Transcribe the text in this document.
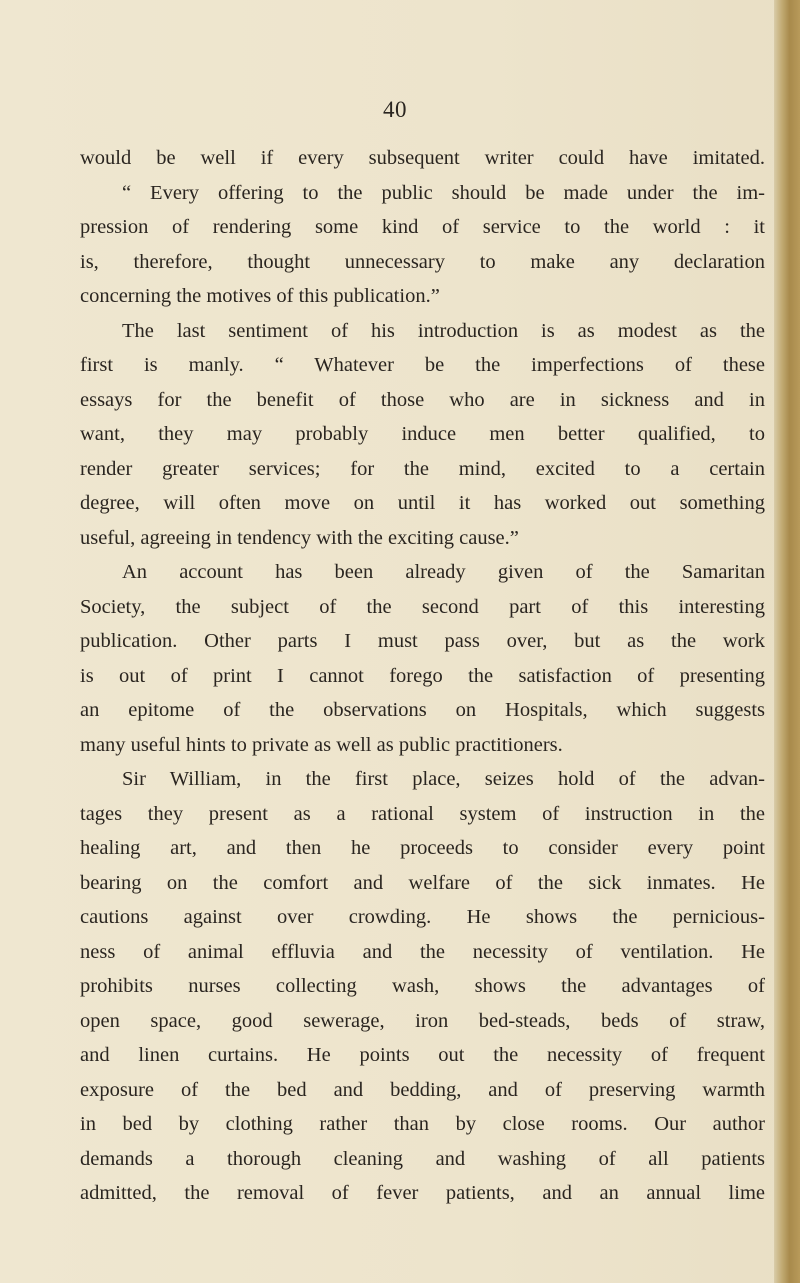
40
would be well if every subsequent writer could have imitated.
“ Every offering to the public should be made under the im-
pression of rendering some kind of service to the world : it
is, therefore, thought unnecessary to make any declaration
concerning the motives of this publication.”
The last sentiment of his introduction is as modest as the
first is manly. “ Whatever be the imperfections of these
essays for the benefit of those who are in sickness and in
want, they may probably induce men better qualified, to
render greater services; for the mind, excited to a certain
degree, will often move on until it has worked out something
useful, agreeing in tendency with the exciting cause.”
An account has been already given of the Samaritan
Society, the subject of the second part of this interesting
publication. Other parts I must pass over, but as the work
is out of print I cannot forego the satisfaction of presenting
an epitome of the observations on Hospitals, which suggests
many useful hints to private as well as public practitioners.
Sir William, in the first place, seizes hold of the advan-
tages they present as a rational system of instruction in the
healing art, and then he proceeds to consider every point
bearing on the comfort and welfare of the sick inmates. He
cautions against over crowding. He shows the pernicious-
ness of animal effluvia and the necessity of ventilation. He
prohibits nurses collecting wash, shows the advantages of
open space, good sewerage, iron bed-steads, beds of straw,
and linen curtains. He points out the necessity of frequent
exposure of the bed and bedding, and of preserving warmth
in bed by clothing rather than by close rooms. Our author
demands a thorough cleaning and washing of all patients
admitted, the removal of fever patients, and an annual lime
